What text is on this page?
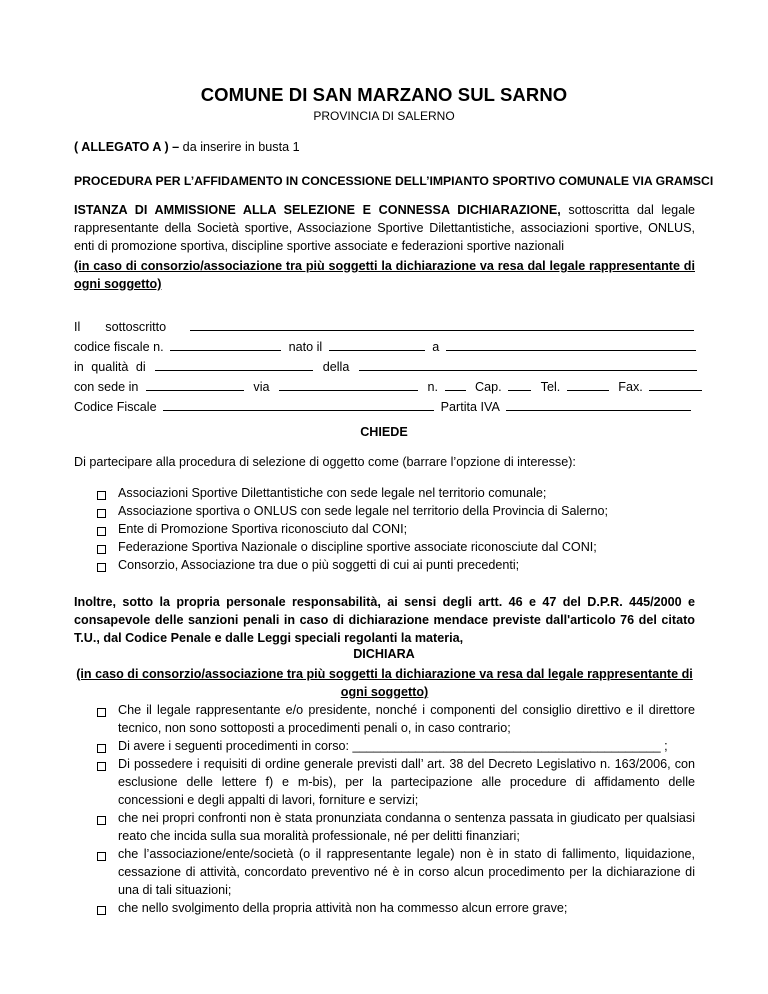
COMUNE DI SAN MARZANO SUL SARNO
PROVINCIA DI SALERNO
( ALLEGATO A ) – da inserire in busta 1
PROCEDURA PER L’AFFIDAMENTO IN CONCESSIONE DELL’IMPIANTO SPORTIVO COMUNALE VIA GRAMSCI
ISTANZA DI AMMISSIONE ALLA SELEZIONE E CONNESSA DICHIARAZIONE, sottoscritta dal legale rappresentante della Società sportive, Associazione Sportive Dilettantistiche, associazioni sportive, ONLUS, enti di promozione sportiva, discipline sportive associate e federazioni sportive nazionali
(in caso di consorzio/associazione tra più soggetti la dichiarazione va resa dal legale rappresentante di ogni soggetto)
Il sottoscritto
codice fiscale n.	nato il	a
in qualità di	della
con sede in	via	n.	Cap.	Tel.	Fax.
Codice Fiscale	Partita IVA
CHIEDE
Di partecipare alla procedura di selezione di oggetto come (barrare l’opzione di interesse):
Associazioni Sportive Dilettantistiche con sede legale nel territorio comunale;
Associazione sportiva o ONLUS con sede legale nel territorio della Provincia di Salerno;
Ente di Promozione Sportiva riconosciuto dal CONI;
Federazione Sportiva Nazionale o discipline sportive associate riconosciute dal CONI;
Consorzio, Associazione tra due o più soggetti di cui ai punti precedenti;
Inoltre, sotto la propria personale responsabilità, ai sensi degli artt. 46 e 47 del D.P.R. 445/2000 e consapevole delle sanzioni penali in caso di dichiarazione mendace previste dall'articolo 76 del citato T.U., dal Codice Penale e dalle Leggi speciali regolanti la materia,
DICHIARA
(in caso di consorzio/associazione tra più soggetti la dichiarazione va resa dal legale rappresentante di ogni soggetto)
Che il legale rappresentante e/o presidente, nonché i componenti del consiglio direttivo e il direttore tecnico, non sono sottoposti a procedimenti penali o, in caso contrario;
Di avere i seguenti procedimenti in corso: ____________________________________________ ;
Di possedere i requisiti di ordine generale previsti dall’ art. 38 del Decreto Legislativo n. 163/2006, con esclusione delle lettere f) e m-bis), per la partecipazione alle procedure di affidamento delle concessioni e degli appalti di lavori, forniture e servizi;
che nei propri confronti non è stata pronunziata condanna o sentenza passata in giudicato per qualsiasi reato che incida sulla sua moralità professionale, né per delitti finanziari;
che l’associazione/ente/società (o il rappresentante legale) non è in stato di fallimento, liquidazione, cessazione di attività, concordato preventivo né è in corso alcun procedimento per la dichiarazione di una di tali situazioni;
che nello svolgimento della propria attività non ha commesso alcun errore grave;
